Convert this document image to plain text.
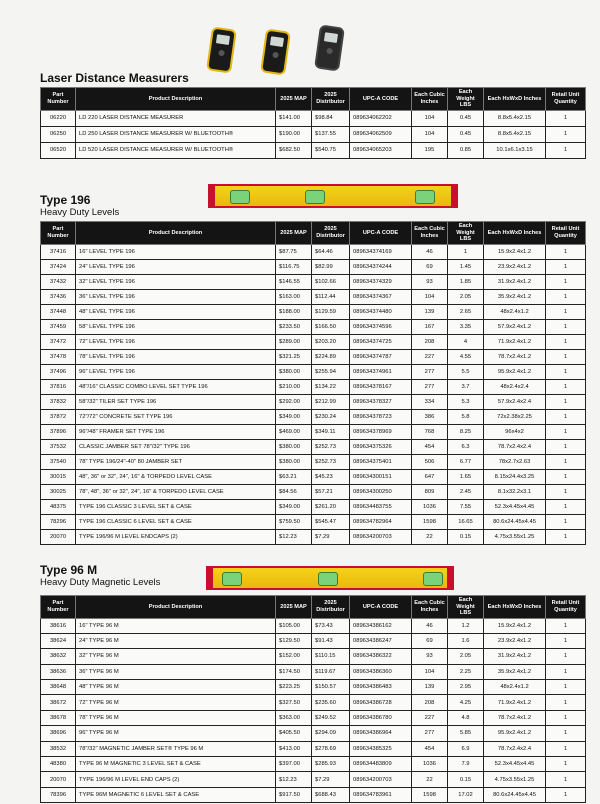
Laser Distance Measurers
Part Number	Product Description	2025 MAP	2025 Distributor	UPC-A CODE	Each Cubic Inches	Each Weight LBS	Each HxWxD Inches	Retail Unit Quantity
06220	LD 220 LASER DISTANCE MEASURER	$141.00	$98.84	089634062202	104	0.45	8.8x5.4x2.15	1
06250	LD 250 LASER DISTANCE MEASURER W/ BLUETOOTH®	$190.00	$137.55	089634062509	104	0.45	8.8x5.4x2.15	1
06520	LD 520 LASER DISTANCE MEASURER W/ BLUETOOTH®	$682.50	$540.75	089634065203	195	0.85	10.1x6.1x3.15	1
Type 196
Heavy Duty Levels
Part Number	Product Description	2025 MAP	2025 Distributor	UPC-A CODE	Each Cubic Inches	Each Weight LBS	Each HxWxD Inches	Retail Unit Quantity
37416	16" LEVEL TYPE 196	$87.75	$64.46	089634374169	46	1	15.9x2.4x1.2	1
37424	24" LEVEL TYPE 196	$116.75	$82.99	089634374244	69	1.45	23.9x2.4x1.2	1
37432	32" LEVEL TYPE 196	$146.55	$102.66	089634374329	93	1.85	31.9x2.4x1.2	1
37436	36" LEVEL TYPE 196	$163.00	$112.44	089634374367	104	2.05	35.9x2.4x1.2	1
37448	48" LEVEL TYPE 196	$188.00	$129.59	089634374480	139	2.65	48x2.4x1.2	1
37459	58" LEVEL TYPE 196	$233.50	$166.50	089634374596	167	3.35	57.9x2.4x1.2	1
37472	72" LEVEL TYPE 196	$289.00	$203.20	089634374725	208	4	71.9x2.4x1.2	1
37478	78" LEVEL TYPE 196	$321.25	$224.89	089634374787	227	4.55	78.7x2.4x1.2	1
37496	96" LEVEL TYPE 196	$380.00	$255.94	089634374961	277	5.5	95.9x2.4x1.2	1
37816	48"/16" CLASSIC COMBO LEVEL SET TYPE 196	$210.00	$134.22	089634378167	277	3.7	48x2.4x2.4	1
37832	58"/32" TILER SET TYPE 196	$292.00	$212.99	089634378327	334	5.3	57.9x2.4x2.4	1
37872	72"/72" CONCRETE SET TYPE 196	$349.00	$230.24	089634378723	386	5.8	72x2.38x2.25	1
37896	96"/48" FRAMER SET TYPE 196	$469.00	$349.11	089634378969	768	8.25	96x4x2	1
37532	CLASSIC JAMBER SET 78"/32" TYPE 196	$380.00	$252.73	089634375326	454	6.3	78.7x2.4x2.4	1
37540	78" TYPE 196/24"-40" 80 JAMBER SET	$380.00	$252.73	089634375401	506	6.77	78x2.7x2.63	1
30015	48", 36" or 32", 24", 16" & TORPEDO LEVEL CASE	$63.21	$45.23	089634300151	647	1.65	8.15x24.4x3.25	1
30025	78", 48", 36" or 32", 24", 16" & TORPEDO LEVEL CASE	$84.56	$57.21	089634300250	809	2.45	8.1x32.2x3.1	1
48375	TYPE 196 CLASSIC 3 LEVEL SET & CASE	$349.00	$261.20	089634483755	1036	7.55	52.3x4.45x4.45	1
78296	TYPE 196 CLASSIC 6 LEVEL SET & CASE	$759.50	$545.47	089634782964	1598	16.65	80.6x24.45x4.45	1
20070	TYPE 196/96 M LEVEL ENDCAPS (2)	$12.23	$7.29	089634200703	22	0.15	4.75x3.55x1.25	1
Type 96 M
Heavy Duty Magnetic Levels
Part Number	Product Description	2025 MAP	2025 Distributor	UPC-A CODE	Each Cubic Inches	Each Weight LBS	Each HxWxD Inches	Retail Unit Quantity
38616	16" TYPE 96 M	$105.00	$73.43	089634386162	46	1.2	15.9x2.4x1.2	1
38624	24" TYPE 96 M	$129.50	$91.43	089634386247	69	1.6	23.9x2.4x1.2	1
38632	32" TYPE 96 M	$152.00	$110.15	089634386322	93	2.05	31.9x2.4x1.2	1
38636	36" TYPE 96 M	$174.50	$119.67	089634386360	104	2.25	35.9x2.4x1.2	1
38648	48" TYPE 96 M	$223.25	$150.57	089634386483	139	2.95	48x2.4x1.2	1
38672	72" TYPE 96 M	$327.50	$235.60	089634386728	208	4.25	71.9x2.4x1.2	1
38678	78" TYPE 96 M	$363.00	$249.52	089634386780	227	4.8	78.7x2.4x1.2	1
38696	96" TYPE 96 M	$405.50	$294.09	089634386964	277	5.85	95.9x2.4x1.2	1
38532	78"/32" MAGNETIC JAMBER SET® TYPE 96 M	$413.00	$278.69	089634385325	454	6.9	78.7x2.4x2.4	1
48380	TYPE 96 M MAGNETIC 3 LEVEL SET & CASE	$397.00	$285.93	089634483809	1036	7.9	52.3x4.45x4.45	1
20070	TYPE 196/96 M LEVEL END CAPS (2)	$12.23	$7.29	089634200703	22	0.15	4.75x3.55x1.25	1
78396	TYPE 96M MAGNETIC 6 LEVEL SET & CASE	$917.50	$688.43	089634783961	1598	17.02	80.6x24.45x4.45	1
